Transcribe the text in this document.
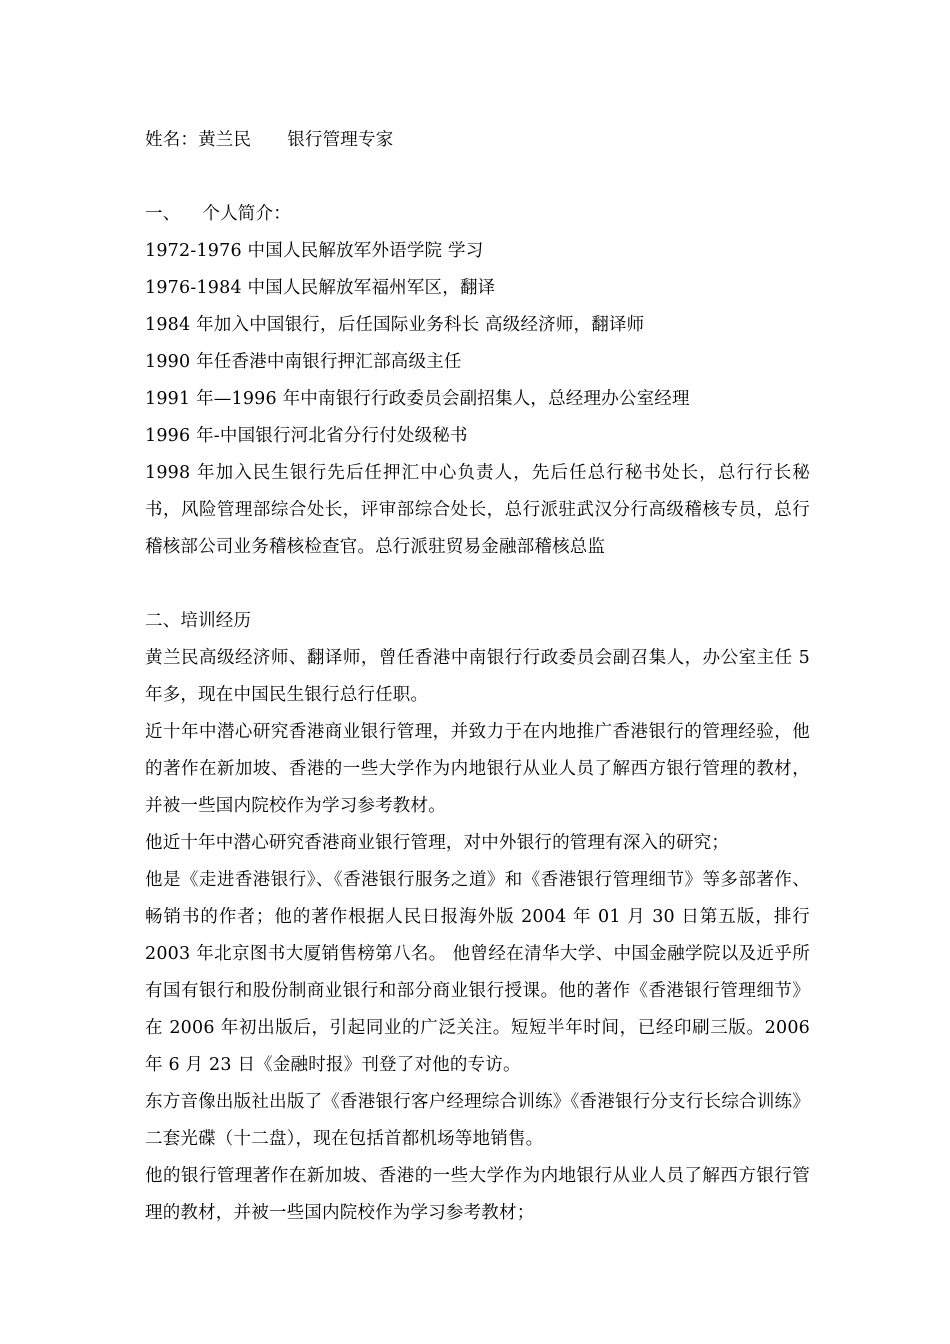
姓名：黄兰民 银行管理专家

一、 个人简介：

1972-1976 中国人民解放军外语学院 学习

1976-1984 中国人民解放军福州军区，翻译

1984 年加入中国银行，后任国际业务科长 高级经济师，翻译师

1990 年任香港中南银行押汇部高级主任

1991 年—1996 年中南银行行政委员会副招集人，总经理办公室经理

1996 年-中国银行河北省分行付处级秘书

1998 年加入民生银行先后任押汇中心负责人，先后任总行秘书处长，总行行长秘书，风险管理部综合处长，评审部综合处长，总行派驻武汉分行高级稽核专员，总行稽核部公司业务稽核检查官。总行派驻贸易金融部稽核总监

二、培训经历

黄兰民高级经济师、翻译师，曾任香港中南银行行政委员会副召集人，办公室主任 5 年多，现在中国民生银行总行任职。

近十年中潜心研究香港商业银行管理，并致力于在内地推广香港银行的管理经验，他的著作在新加坡、香港的一些大学作为内地银行从业人员了解西方银行管理的教材，并被一些国内院校作为学习参考教材。

他近十年中潜心研究香港商业银行管理，对中外银行的管理有深入的研究；

他是《走进香港银行》、《香港银行服务之道》和《香港银行管理细节》等多部著作、畅销书的作者；他的著作根据人民日报海外版 2004 年 01 月 30 日第五版，排行 2003 年北京图书大厦销售榜第八名。 他曾经在清华大学、中国金融学院以及近乎所有国有银行和股份制商业银行和部分商业银行授课。他的著作《香港银行管理细节》在 2006 年初出版后，引起同业的广泛关注。短短半年时间，已经印刷三版。2006 年 6 月 23 日《金融时报》刊登了对他的专访。

东方音像出版社出版了《香港银行客户经理综合训练》《香港银行分支行长综合训练》二套光碟（十二盘），现在包括首都机场等地销售。

他的银行管理著作在新加坡、香港的一些大学作为内地银行从业人员了解西方银行管理的教材，并被一些国内院校作为学习参考教材；
